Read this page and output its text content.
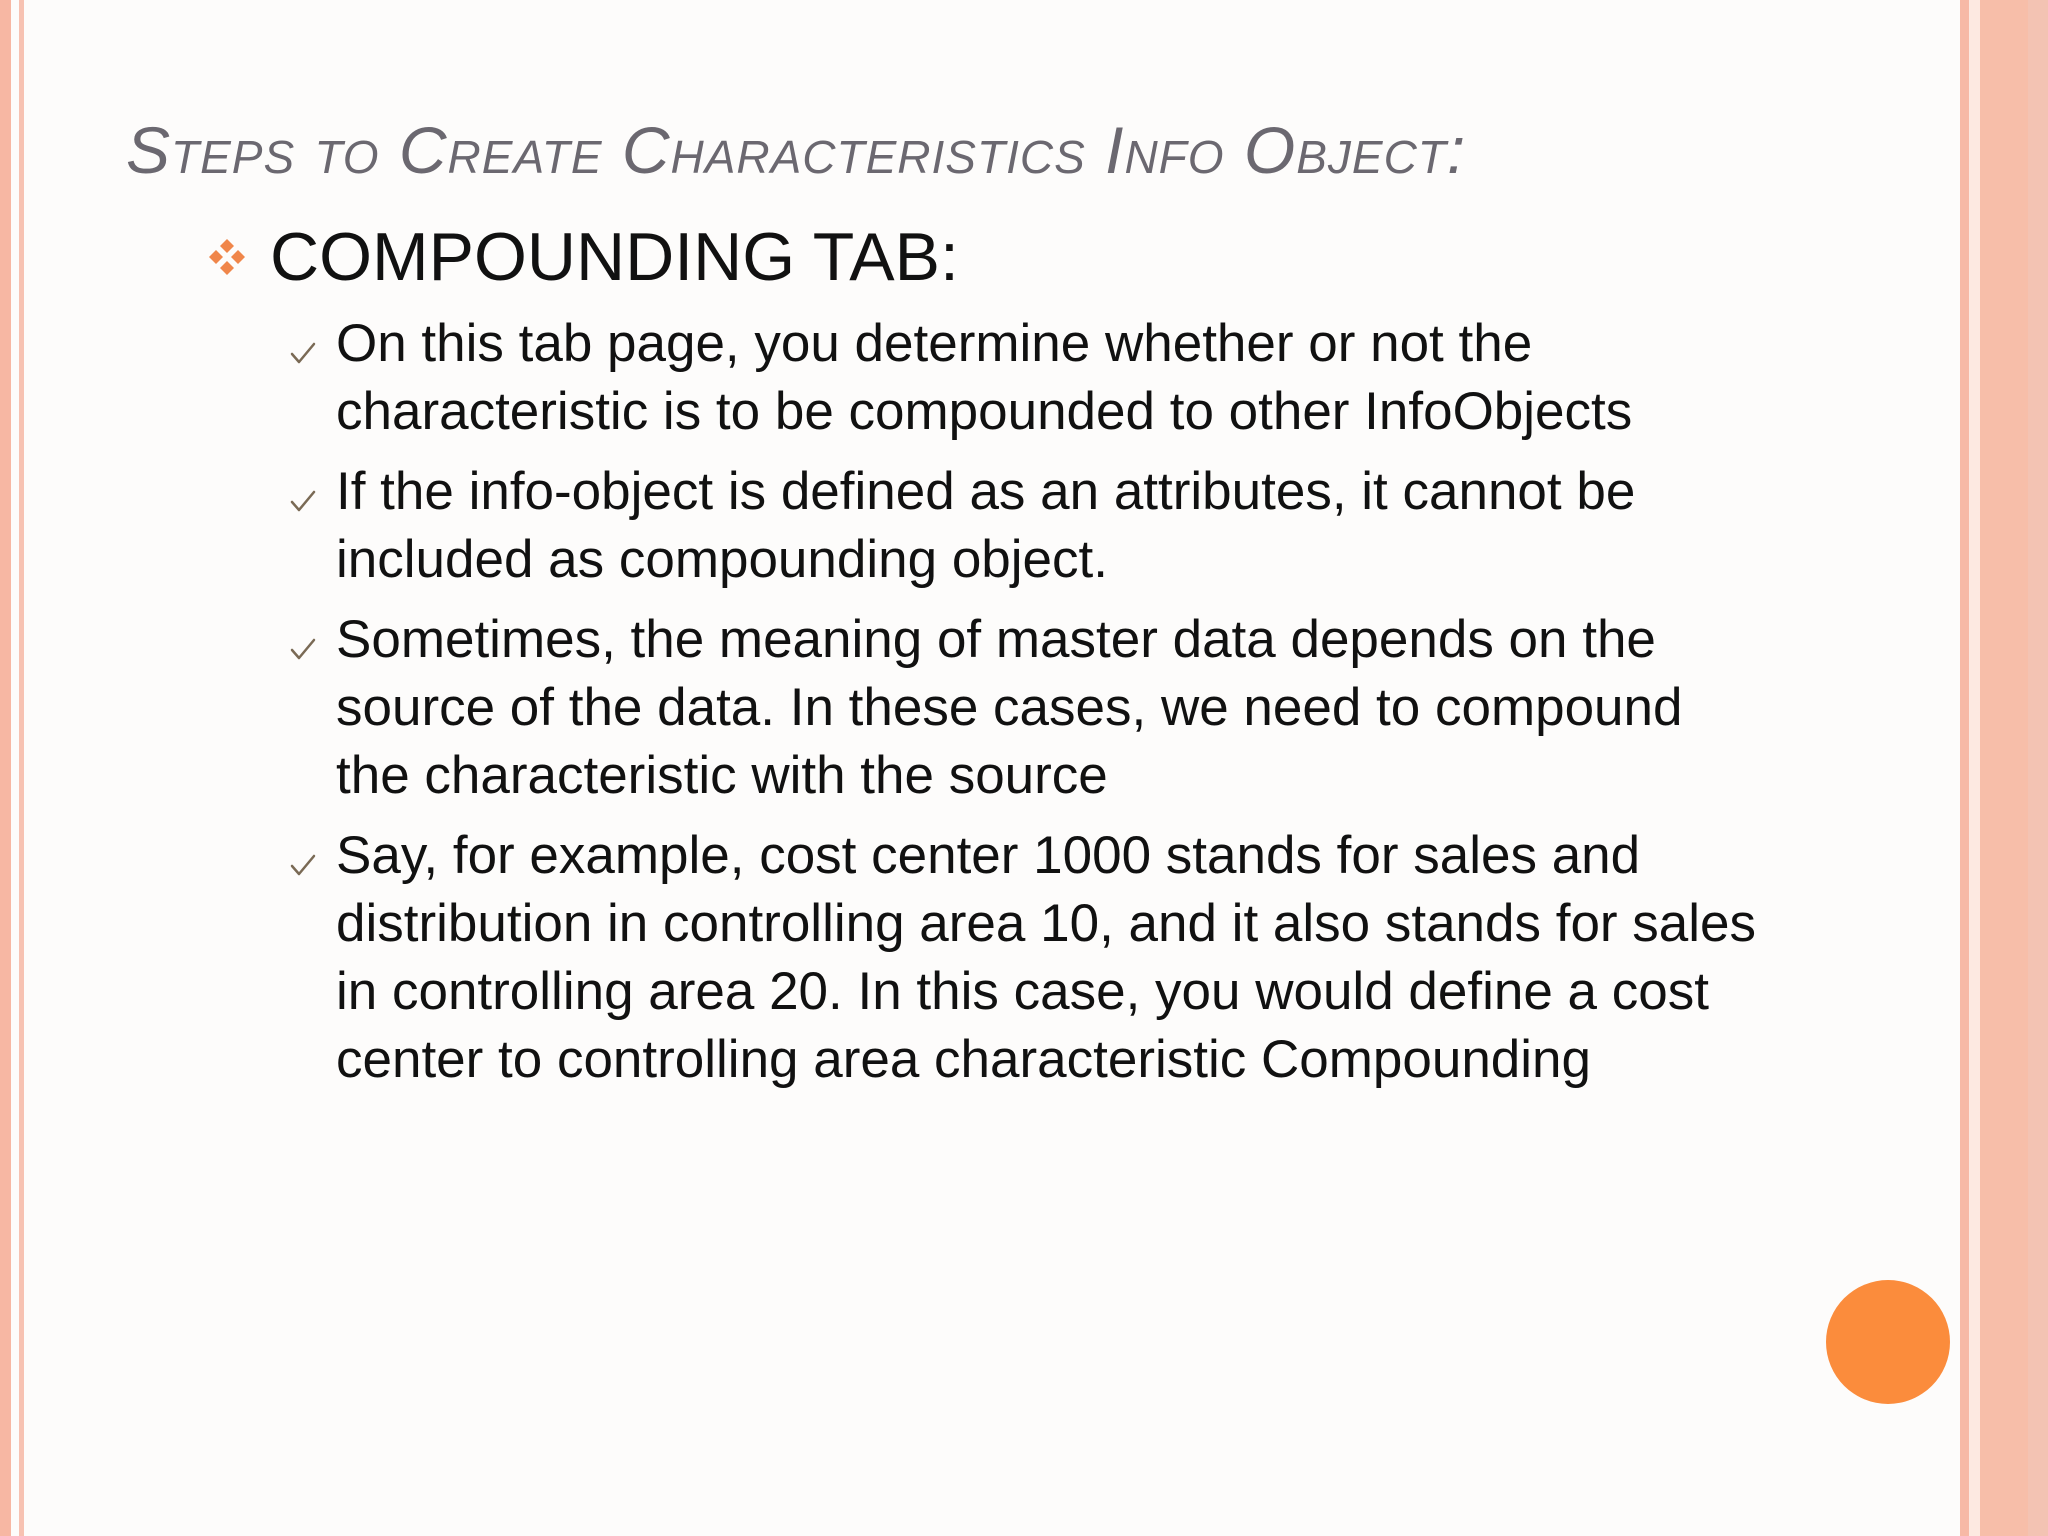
Steps to Create Characteristics Info Object:
COMPOUNDING TAB:
On this tab page, you determine whether or not the characteristic is to be compounded to other InfoObjects
If the info-object is defined as an attributes, it cannot be included as compounding object.
Sometimes, the meaning of master data depends on the source of the data. In these cases, we need to compound the characteristic with the source
Say, for example, cost center 1000 stands for sales and distribution in controlling area 10, and it also stands for sales in controlling area 20. In this case, you would define a cost center to controlling area characteristic Compounding
